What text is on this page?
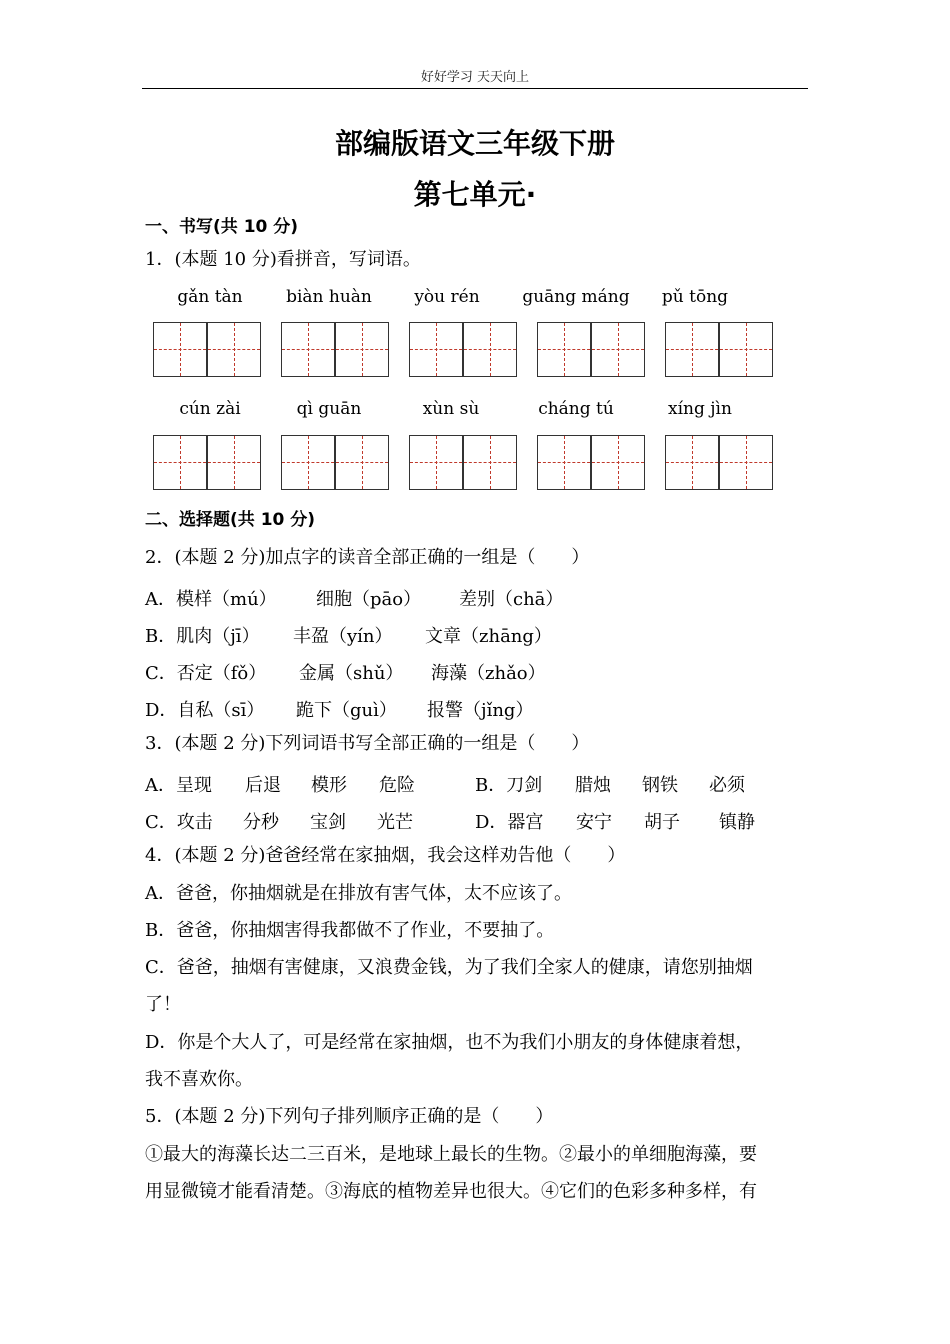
好好学习 天天向上
部编版语文三年级下册
第七单元·
一、书写(共 10 分)
1．(本题 10 分)看拼音，写词语。
gǎn tàn	biàn huàn	yòu rén	guāng máng	pǔ tōng
cún zài	qì guān	xùn sù	cháng tú	xíng jìn
二、选择题(共 10 分)
2．(本题 2 分)加点字的读音全部正确的一组是（　　）
A．模样（mú） 细胞（pāo） 差别（chā）
B．肌肉（jī） 丰盈（yín） 文章（zhāng）
C．否定（fǒ） 金属（shǔ） 海藻（zhǎo）
D．自私（sī） 跪下（guì） 报警（jǐng）
3．(本题 2 分)下列词语书写全部正确的一组是（　　）
A．呈现 后退 模形 危险	B．刀剑 腊烛 钢铁 必须
C．攻击 分秒 宝剑 光芒	D．器宫 安宁 胡子 镇静
4．(本题 2 分)爸爸经常在家抽烟，我会这样劝告他（　　）
A．爸爸，你抽烟就是在排放有害气体，太不应该了。
B．爸爸，你抽烟害得我都做不了作业，不要抽了。
C．爸爸，抽烟有害健康，又浪费金钱，为了我们全家人的健康，请您别抽烟
了！
D．你是个大人了，可是经常在家抽烟，也不为我们小朋友的身体健康着想，
我不喜欢你。
5．(本题 2 分)下列句子排列顺序正确的是（　　）
①最大的海藻长达二三百米，是地球上最长的生物。②最小的单细胞海藻，要
用显微镜才能看清楚。③海底的植物差异也很大。④它们的色彩多种多样，有
